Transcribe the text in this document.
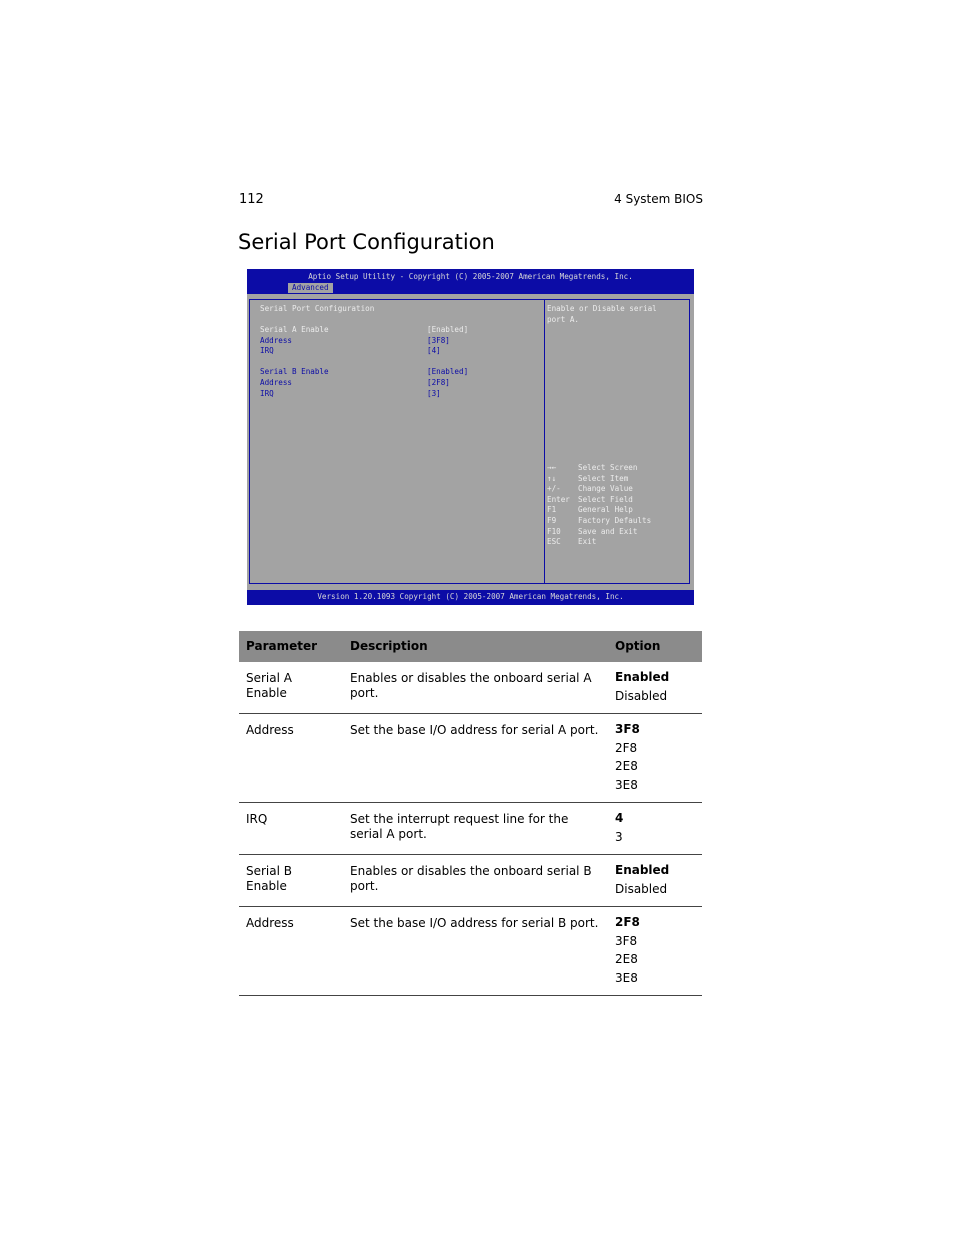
112	4 System BIOS
Serial Port Configuration
Aptio Setup Utility - Copyright (C) 2005-2007 American Megatrends, Inc.
Advanced
Serial Port Configuration
Serial A Enable	[Enabled]
Address	[3F8]
IRQ	[4]
Serial B Enable	[Enabled]
Address	[2F8]
IRQ	[3]
Enable or Disable serial
port A.
→←	Select Screen
↑↓	Select Item
+/- Change Value
Enter Select Field
F1	General Help
F9	Factory Defaults
F10 Save and Exit
ESC Exit
Version 1.20.1093 Copyright (C) 2005-2007 American Megatrends, Inc.
Parameter	Description	Option

Serial A Enable	Enables or disables the onboard serial A port.	Enabled
Disabled

Address	Set the base I/O address for serial A port.	3F8
2F8
2E8
3E8

IRQ	Set the interrupt request line for the serial A port.	4
3

Serial B Enable	Enables or disables the onboard serial B port.	Enabled
Disabled

Address	Set the base I/O address for serial B port.	2F8
3F8
2E8
3E8
